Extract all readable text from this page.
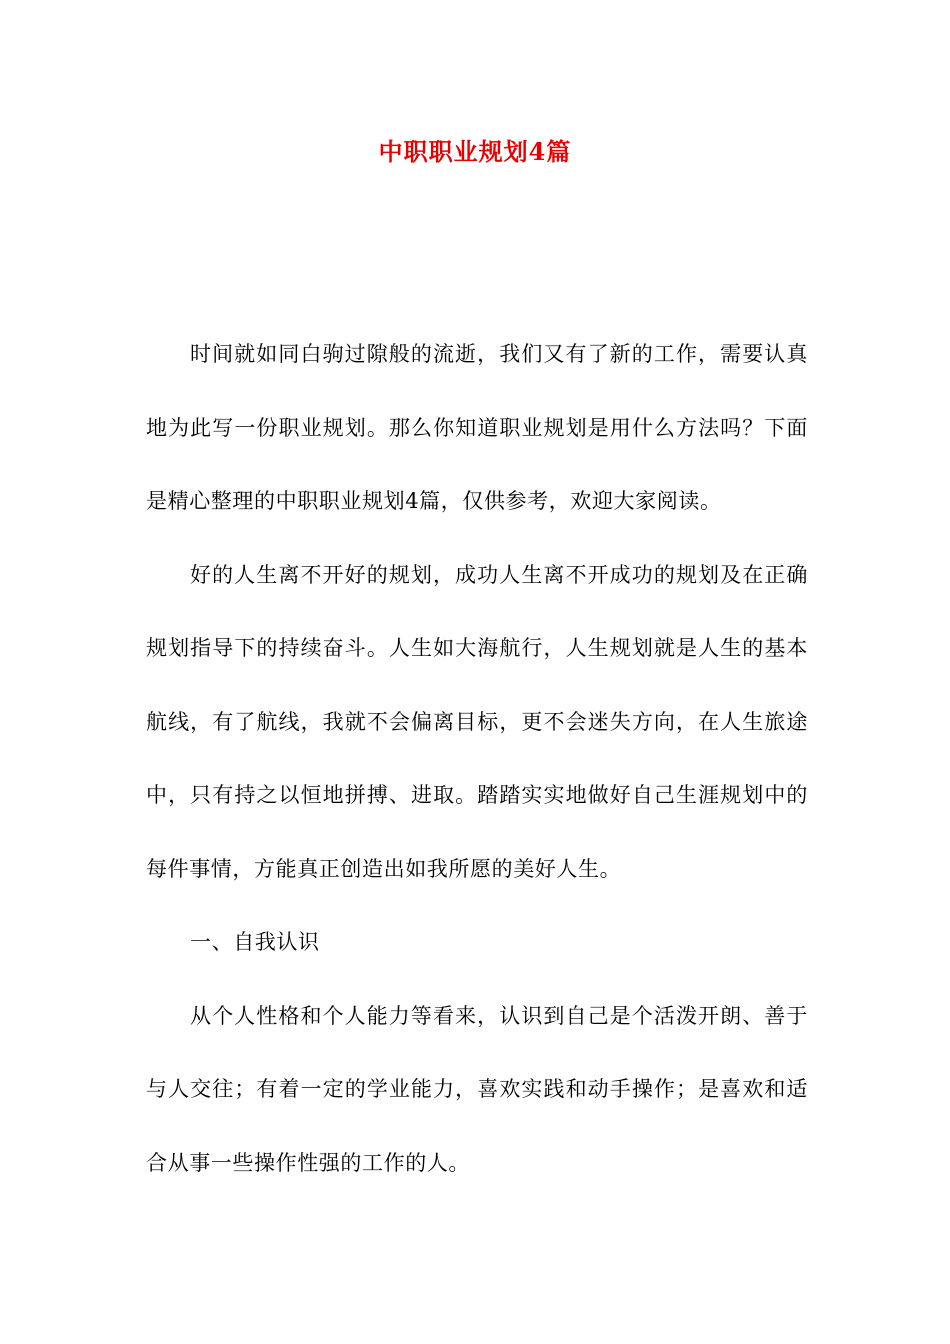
中职职业规划4篇

时间就如同白驹过隙般的流逝，我们又有了新的工作，需要认真地为此写一份职业规划。那么你知道职业规划是用什么方法吗？下面是精心整理的中职职业规划4篇，仅供参考，欢迎大家阅读。

好的人生离不开好的规划，成功人生离不开成功的规划及在正确规划指导下的持续奋斗。人生如大海航行，人生规划就是人生的基本航线，有了航线，我就不会偏离目标，更不会迷失方向，在人生旅途中，只有持之以恒地拼搏、进取。踏踏实实地做好自己生涯规划中的每件事情，方能真正创造出如我所愿的美好人生。

一、自我认识

从个人性格和个人能力等看来，认识到自己是个活泼开朗、善于与人交往；有着一定的学业能力，喜欢实践和动手操作；是喜欢和适合从事一些操作性强的工作的人。
